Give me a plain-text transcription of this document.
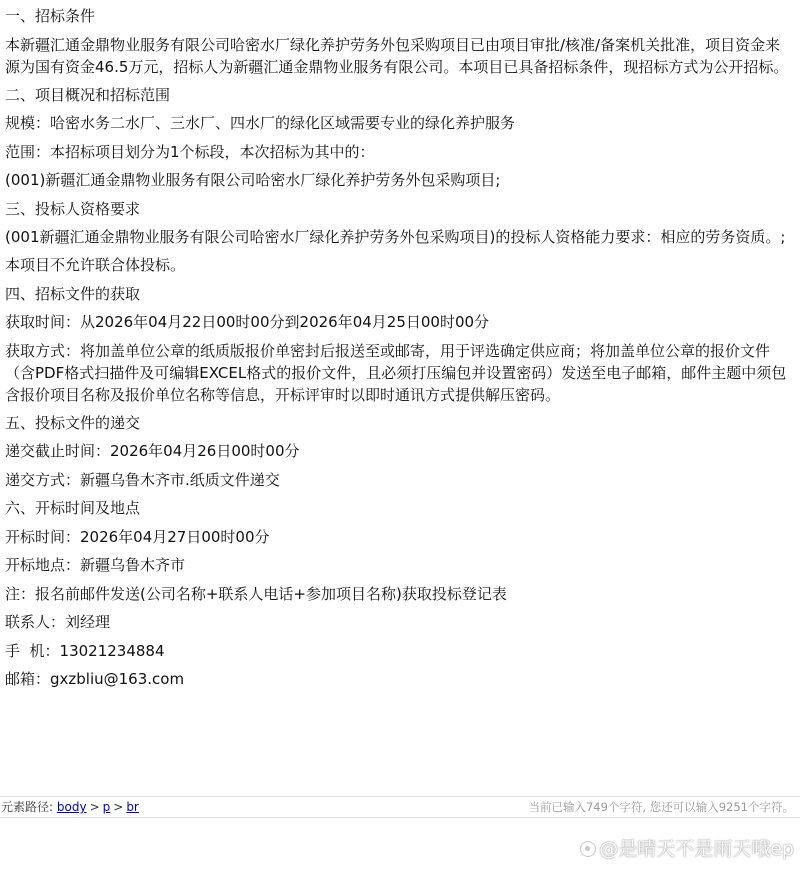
一、招标条件

本新疆汇通金鼎物业服务有限公司哈密水厂绿化养护劳务外包采购项目已由项目审批/核准/备案机关批准，项目资金来源为国有资金46.5万元，招标人为新疆汇通金鼎物业服务有限公司。本项目已具备招标条件，现招标方式为公开招标。

二、项目概况和招标范围

规模：哈密水务二水厂、三水厂、四水厂的绿化区域需要专业的绿化养护服务

范围：本招标项目划分为1个标段，本次招标为其中的：

(001)新疆汇通金鼎物业服务有限公司哈密水厂绿化养护劳务外包采购项目;

三、投标人资格要求

(001新疆汇通金鼎物业服务有限公司哈密水厂绿化养护劳务外包采购项目)的投标人资格能力要求：相应的劳务资质。;

本项目不允许联合体投标。

四、招标文件的获取

获取时间：从2026年04月22日00时00分到2026年04月25日00时00分

获取方式：将加盖单位公章的纸质版报价单密封后报送至或邮寄，用于评选确定供应商；将加盖单位公章的报价文件（含PDF格式扫描件及可编辑EXCEL格式的报价文件，且必须打压编包并设置密码）发送至电子邮箱，邮件主题中须包含报价项目名称及报价单位名称等信息，开标评审时以即时通讯方式提供解压密码。

五、投标文件的递交

递交截止时间：2026年04月26日00时00分

递交方式：新疆乌鲁木齐市.纸质文件递交

六、开标时间及地点

开标时间：2026年04月27日00时00分

开标地点：新疆乌鲁木齐市

注：报名前邮件发送(公司名称+联系人电话+参加项目名称)获取投标登记表

联系人：刘经理

手  机：13021234884

邮箱：gxzbliu@163.com

元素路径: body > p > br	当前已输入749个字符, 您还可以输入9251个字符。
@是晴天不是雨天哦ep
